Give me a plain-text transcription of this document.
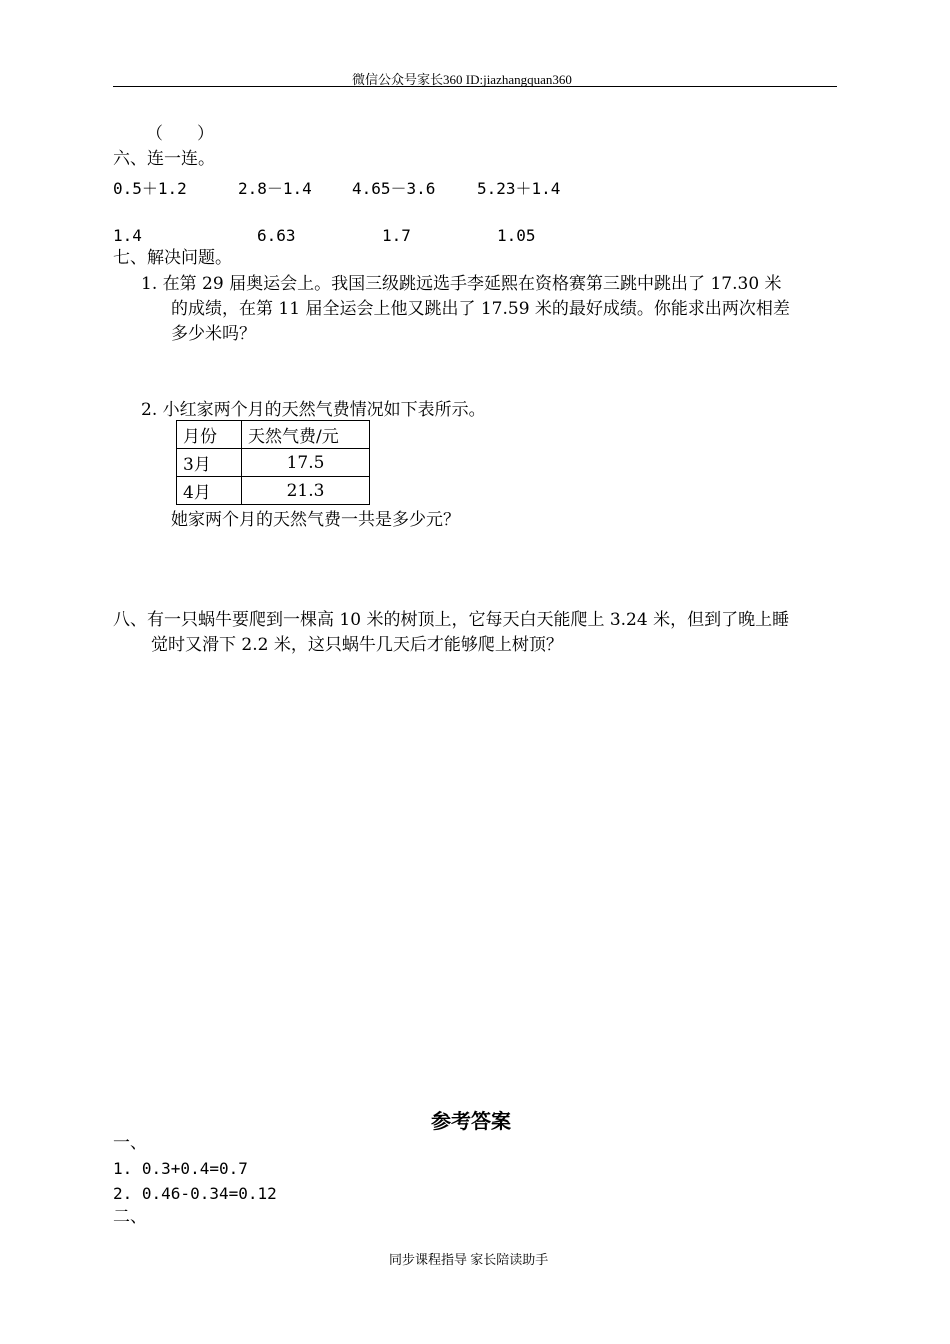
微信公众号家长360 ID:jiazhangquan360
（　　）
六、连一连。
0.5＋1.2	2.8－1.4	4.65－3.6	5.23＋1.4
1.4	6.63	1.7	1.05
七、解决问题。
1. 在第 29 届奥运会上。我国三级跳远选手李延熙在资格赛第三跳中跳出了 17.30 米
的成绩，在第 11 届全运会上他又跳出了 17.59 米的最好成绩。你能求出两次相差
多少米吗？
2. 小红家两个月的天然气费情况如下表所示。
月份	天然气费/元
3月	17.5
4月	21.3
她家两个月的天然气费一共是多少元？
八、有一只蜗牛要爬到一棵高 10 米的树顶上，它每天白天能爬上 3.24 米，但到了晚上睡
觉时又滑下 2.2 米，这只蜗牛几天后才能够爬上树顶？
参考答案
一、
1. 0.3+0.4=0.7
2. 0.46-0.34=0.12
二、
同步课程指导 家长陪读助手
